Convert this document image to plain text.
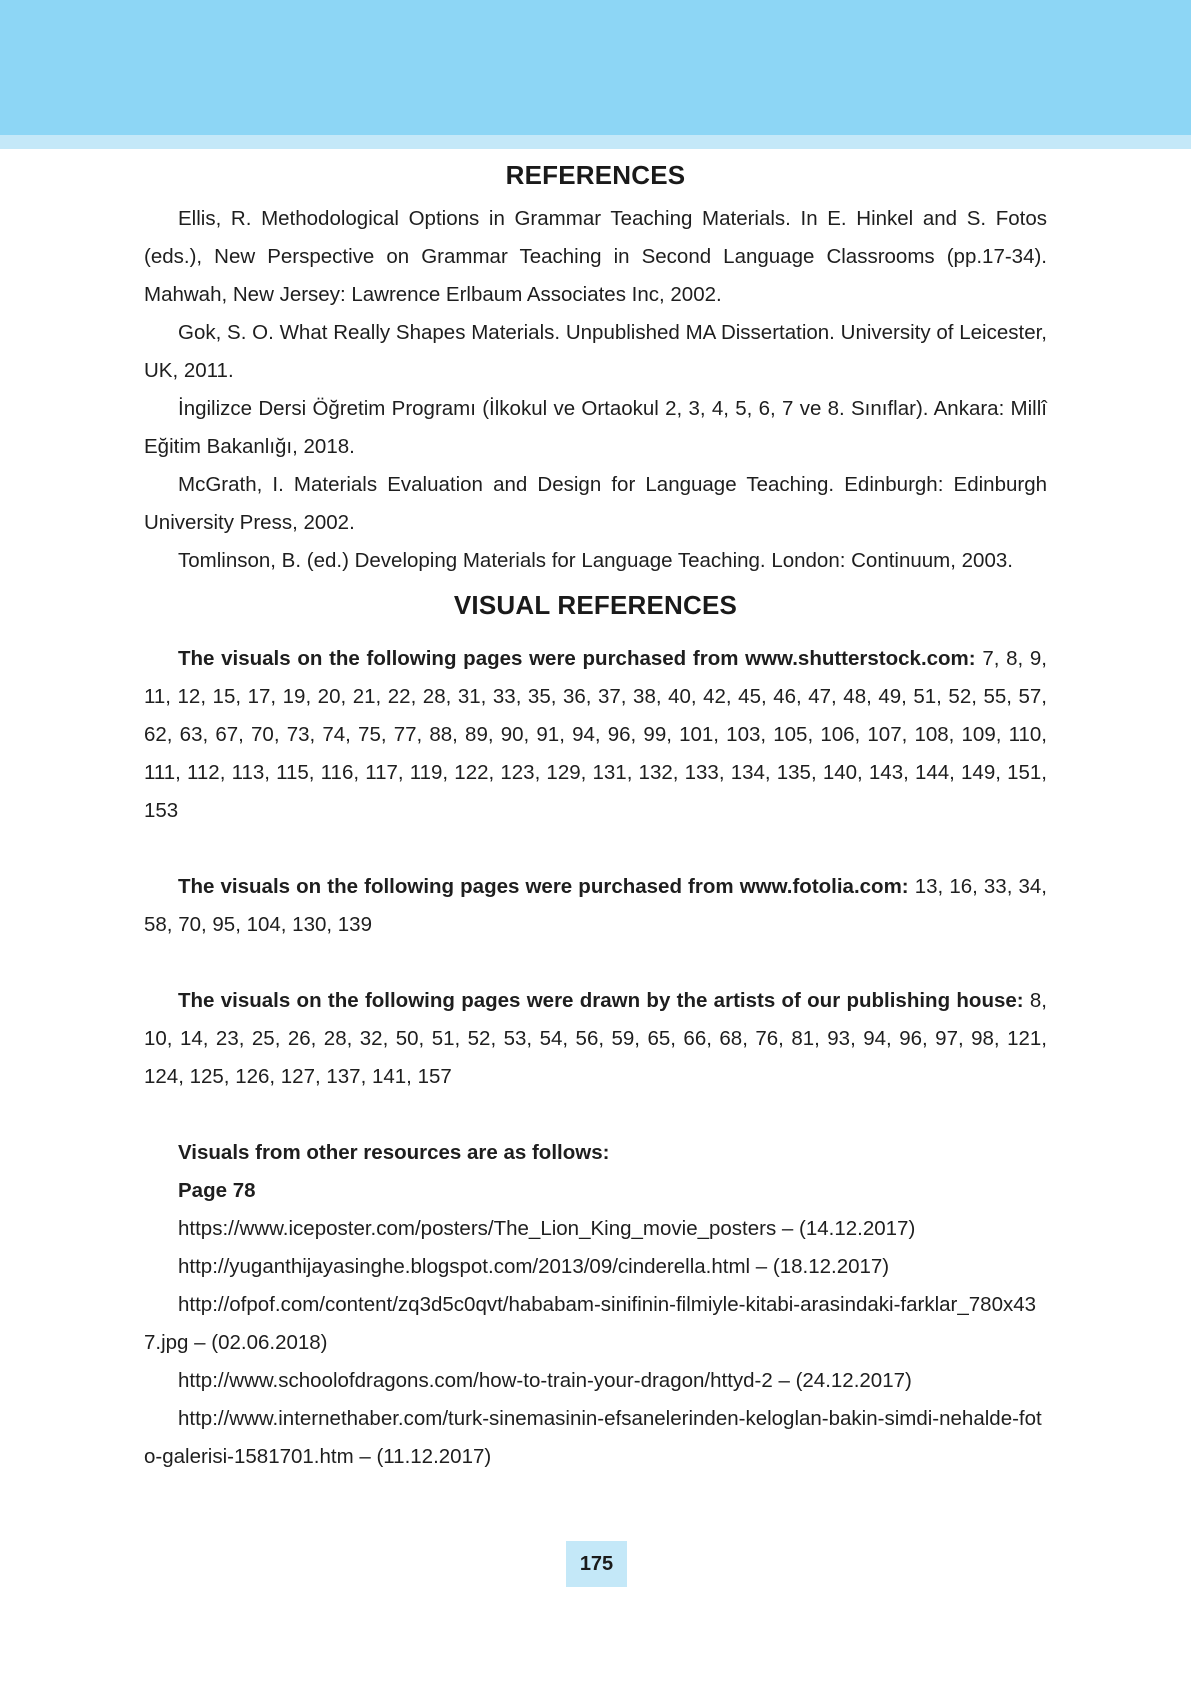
REFERENCES

Ellis, R. Methodological Options in Grammar Teaching Materials. In E. Hinkel and S. Fotos (eds.), New Perspective on Grammar Teaching in Second Language Classrooms (pp.17-34). Mahwah, New Jersey: Lawrence Erlbaum Associates Inc, 2002.

Gok, S. O. What Really Shapes Materials. Unpublished MA Dissertation. University of Leicester, UK, 2011.

İngilizce Dersi Öğretim Programı (İlkokul ve Ortaokul 2, 3, 4, 5, 6, 7 ve 8. Sınıflar). Ankara: Millî Eğitim Bakanlığı, 2018.

McGrath, I. Materials Evaluation and Design for Language Teaching. Edinburgh: Edinburgh University Press, 2002.

Tomlinson, B. (ed.) Developing Materials for Language Teaching. London: Continuum, 2003.

VISUAL REFERENCES

The visuals on the following pages were purchased from www.shutterstock.com: 7, 8, 9, 11, 12, 15, 17, 19, 20, 21, 22, 28, 31, 33, 35, 36, 37, 38, 40, 42, 45, 46, 47, 48, 49, 51, 52, 55, 57, 62, 63, 67, 70, 73, 74, 75, 77, 88, 89, 90, 91, 94, 96, 99, 101, 103, 105, 106, 107, 108, 109, 110, 111, 112, 113, 115, 116, 117, 119, 122, 123, 129, 131, 132, 133, 134, 135, 140, 143, 144, 149, 151, 153

The visuals on the following pages were purchased from www.fotolia.com: 13, 16, 33, 34, 58, 70, 95, 104, 130, 139

The visuals on the following pages were drawn by the artists of our publishing house: 8, 10, 14, 23, 25, 26, 28, 32, 50, 51, 52, 53, 54, 56, 59, 65, 66, 68, 76, 81, 93, 94, 96, 97, 98, 121, 124, 125, 126, 127, 137, 141, 157

Visuals from other resources are as follows:

Page 78

https://www.iceposter.com/posters/The_Lion_King_movie_posters – (14.12.2017)

http://yuganthijayasinghe.blogspot.com/2013/09/cinderella.html – (18.12.2017)

http://ofpof.com/content/zq3d5c0qvt/hababam-sinifinin-filmiyle-kitabi-arasindaki-farklar_780x437.jpg – (02.06.2018)

http://www.schoolofdragons.com/how-to-train-your-dragon/httyd-2 – (24.12.2017)

http://www.internethaber.com/turk-sinemasinin-efsanelerinden-keloglan-bakin-simdi-nehalde-foto-galerisi-1581701.htm – (11.12.2017)

175
